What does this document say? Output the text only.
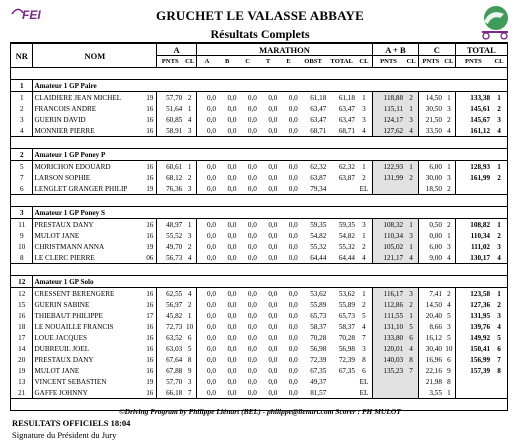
FEI	GRUCHET LE VALASSE ABBAYE
Résultats Complets
NR	NOM		A		MARATHON								A + B		C		TOTAL	
			PNTS	CL	A	B	C	T	E	OBST	TOTAL	CL	PNTS	CL	PNTS	CL	PNTS	CL

1	Amateur 1 GP Paire																	
1	CLAIDIERE JEAN MICHEL	19	57,70	2	0,0	0,0	0,0	0,0	0,0	61,18	61,18	1	118,88	2	14,50	1	133,38	1
2	FRANCOIS ANDRE	16	51,64	1	0,0	0,0	0,0	0,0	0,0	63,47	63,47	3	115,11	1	30,50	3	145,61	2
3	GUERIN DAVID	16	60,85	4	0,0	0,0	0,0	0,0	0,0	63,47	63,47	3	124,17	3	21,50	2	145,67	3
4	MONNIER PIERRE	16	58,91	3	0,0	0,0	0,0	0,0	0,0	68,71	68,71	4	127,62	4	33,50	4	161,12	4

2	Amateur 1 GP Poney P																	
5	MORICHON EDOUARD	16	60,61	1	0,0	0,0	0,0	0,0	0,0	62,32	62,32	1	122,93	1	6,00	1	128,93	1
7	LARSON SOPHIE	16	68,12	2	0,0	0,0	0,0	0,0	0,0	63,87	63,87	2	131,99	2	30,00	3	161,99	2
6	LENGLET GRANGER PHILIP	19	76,36	3	0,0	0,0	0,0	0,0	0,0	79,34		EL			18,50	2		

3	Amateur 1 GP Poney S																	
11	PRESTAUX DANY	16	48,97	1	0,0	0,0	0,0	0,0	0,0	59,35	59,35	3	108,32	1	0,50	2	108,82	1
9	MULOT JANE	16	55,52	3	0,0	0,0	0,0	0,0	0,0	54,82	54,82	1	110,34	3	0,00	1	110,34	2
10	CHRISTMANN ANNA	19	49,70	2	0,0	0,0	0,0	0,0	0,0	55,32	55,32	2	105,02	1	6,00	3	111,02	3
8	LE CLERC PIERRE	06	56,73	4	0,0	0,0	0,0	0,0	0,0	64,44	64,44	4	121,17	4	9,00	4	130,17	4

12	Amateur 1 GP Solo																	
12	CRESSENT BERENGERE	16	62,55	4	0,0	0,0	0,0	0,0	0,0	53,62	53,62	1	116,17	3	7,41	2	123,58	1
15	GUERIN SABINE	16	56,97	2	0,0	0,0	0,0	0,0	0,0	55,89	55,89	2	112,86	2	14,50	4	127,36	2
16	THIEBAUT PHILIPPE	17	45,82	1	0,0	0,0	0,0	0,0	0,0	65,73	65,73	5	111,55	1	20,40	5	131,95	3
18	LE NOUAILLE FRANCIS	16	72,73	10	0,0	0,0	0,0	0,0	0,0	58,37	58,37	4	131,10	5	8,66	3	139,76	4
17	LOUE JACQUES	16	63,52	6	0,0	0,0	0,0	0,0	0,0	70,28	70,28	7	133,80	6	16,12	5	149,92	5
14	DUBREUIL JOEL	16	63,03	5	0,0	0,0	0,0	0,0	0,0	56,98	56,98	3	120,01	4	30,40	10	150,41	6
20	PRESTAUX DANY	16	67,64	8	0,0	0,0	0,0	0,0	0,0	72,39	72,39	8	140,03	8	16,96	6	156,99	7
19	MULOT JANE	16	67,88	9	0,0	0,0	0,0	0,0	0,0	67,35	67,35	6	135,23	7	22,16	9	157,39	8
13	VINCENT SEBASTIEN	19	57,70	3	0,0	0,0	0,0	0,0	0,0	49,37		EL			21,98	8		
21	GAFFE JOHNNY	16	66,18	7	0,0	0,0	0,0	0,0	0,0	81,57		EL			3,55	1		

©Driving Program by Philippe Liénart (BEL) - philippe@lienart.com Scorer : PH MULOT
RESULTATS OFFICIELS 18:04
Signature du Président du Jury
